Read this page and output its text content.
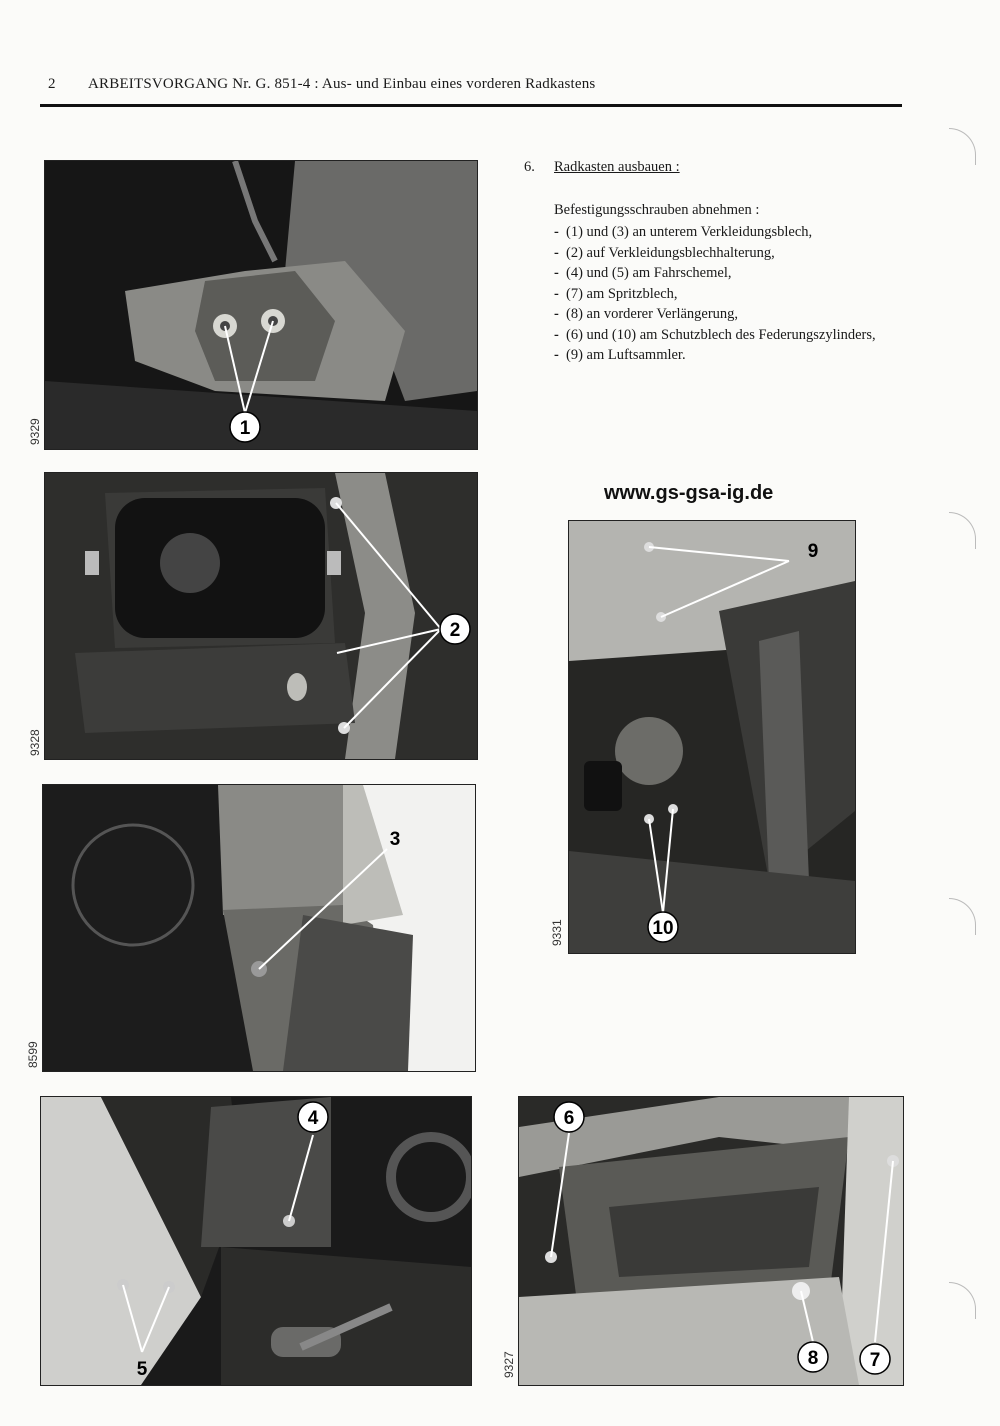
2 ARBEITSVORGANG Nr. G. 851-4 : Aus- und Einbau eines vorderen Radkastens
1
9329
2
9328
3
8599
9
10
9331
www.gs-gsa-ig.de
4
5
6
8	7
9327
6. Radkasten ausbauen :
Befestigungsschrauben abnehmen :
- (1) und (3) an unterem Verkleidungsblech,
- (2) auf Verkleidungsblechhalterung,
- (4) und (5) am Fahrschemel,
- (7) am Spritzblech,
- (8) an vorderer Verlängerung,
- (6) und (10) am Schutzblech des Federungszylinders,
- (9) am Luftsammler.
